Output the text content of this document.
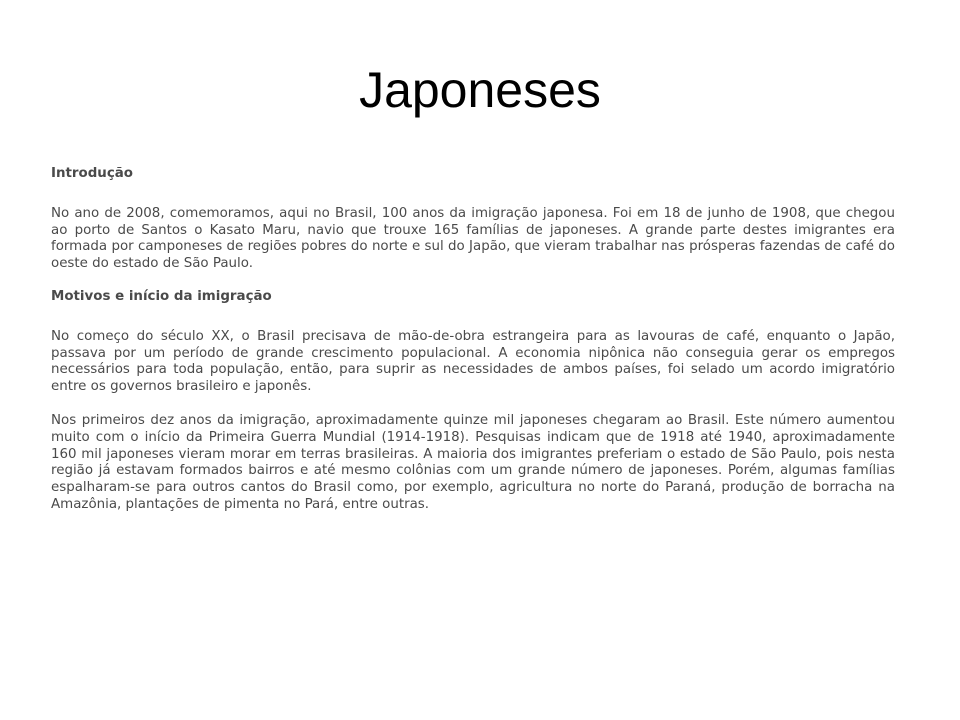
Japoneses

Introdução

No ano de 2008, comemoramos, aqui no Brasil, 100 anos da imigração japonesa. Foi em 18 de junho de 1908, que chegou ao porto de Santos o Kasato Maru, navio que trouxe 165 famílias de japoneses. A grande parte destes imigrantes era formada por camponeses de regiões pobres do norte e sul do Japão, que vieram trabalhar nas prósperas fazendas de café do oeste do estado de São Paulo.

Motivos e início da imigração

No começo do século XX, o Brasil precisava de mão-de-obra estrangeira para as lavouras de café, enquanto o Japão, passava por um período de grande crescimento populacional. A economia nipônica não conseguia gerar os empregos necessários para toda população, então, para suprir as necessidades de ambos países, foi selado um acordo imigratório entre os governos brasileiro e japonês.

Nos primeiros dez anos da imigração, aproximadamente quinze mil japoneses chegaram ao Brasil. Este número aumentou muito com o início da Primeira Guerra Mundial (1914-1918). Pesquisas indicam que de 1918 até 1940, aproximadamente 160 mil japoneses vieram morar em terras brasileiras. A maioria dos imigrantes preferiam o estado de São Paulo, pois nesta região já estavam formados bairros e até mesmo colônias com um grande número de japoneses. Porém, algumas famílias espalharam-se para outros cantos do Brasil como, por exemplo, agricultura no norte do Paraná, produção de borracha na Amazônia, plantações de pimenta no Pará, entre outras.
